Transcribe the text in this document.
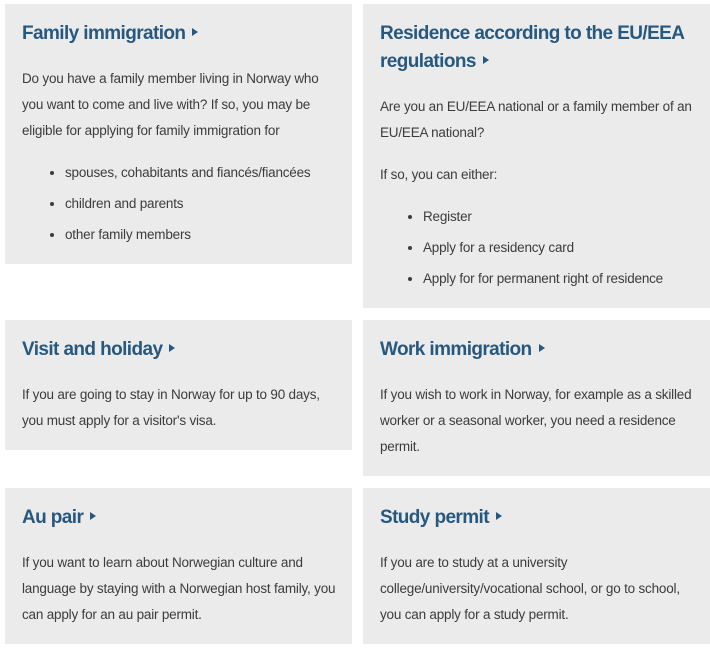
Family immigration

Do you have a family member living in Norway who you want to come and live with? If so, you may be eligible for applying for family immigration for

• spouses, cohabitants and fiancés/fiancées
• children and parents
• other family members
Residence according to the EU/EEA regulations

Are you an EU/EEA national or a family member of an EU/EEA national?

If so, you can either:

• Register
• Apply for a residency card
• Apply for for permanent right of residence
Visit and holiday

If you are going to stay in Norway for up to 90 days, you must apply for a visitor's visa.

Work immigration

If you wish to work in Norway, for example as a skilled worker or a seasonal worker, you need a residence permit.

Au pair

If you want to learn about Norwegian culture and language by staying with a Norwegian host family, you can apply for an au pair permit.

Study permit

If you are to study at a university college/university/vocational school, or go to school, you can apply for a study permit.
